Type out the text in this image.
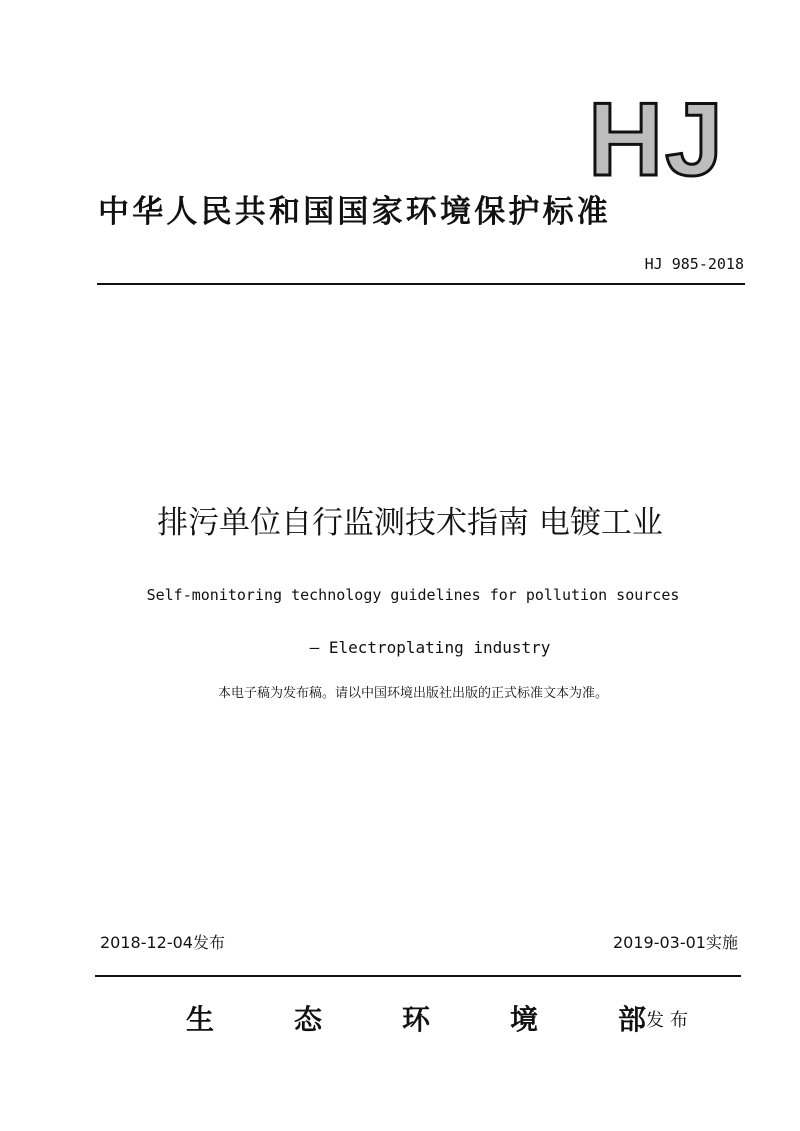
HJ
中华人民共和国国家环境保护标准
HJ 985-2018
排污单位自行监测技术指南 电镀工业
Self-monitoring technology guidelines for pollution sources
— Electroplating industry
本电子稿为发布稿。请以中国环境出版社出版的正式标准文本为准。
2018-12-04发布	2019-03-01实施
生	态	环	境	部 发布
